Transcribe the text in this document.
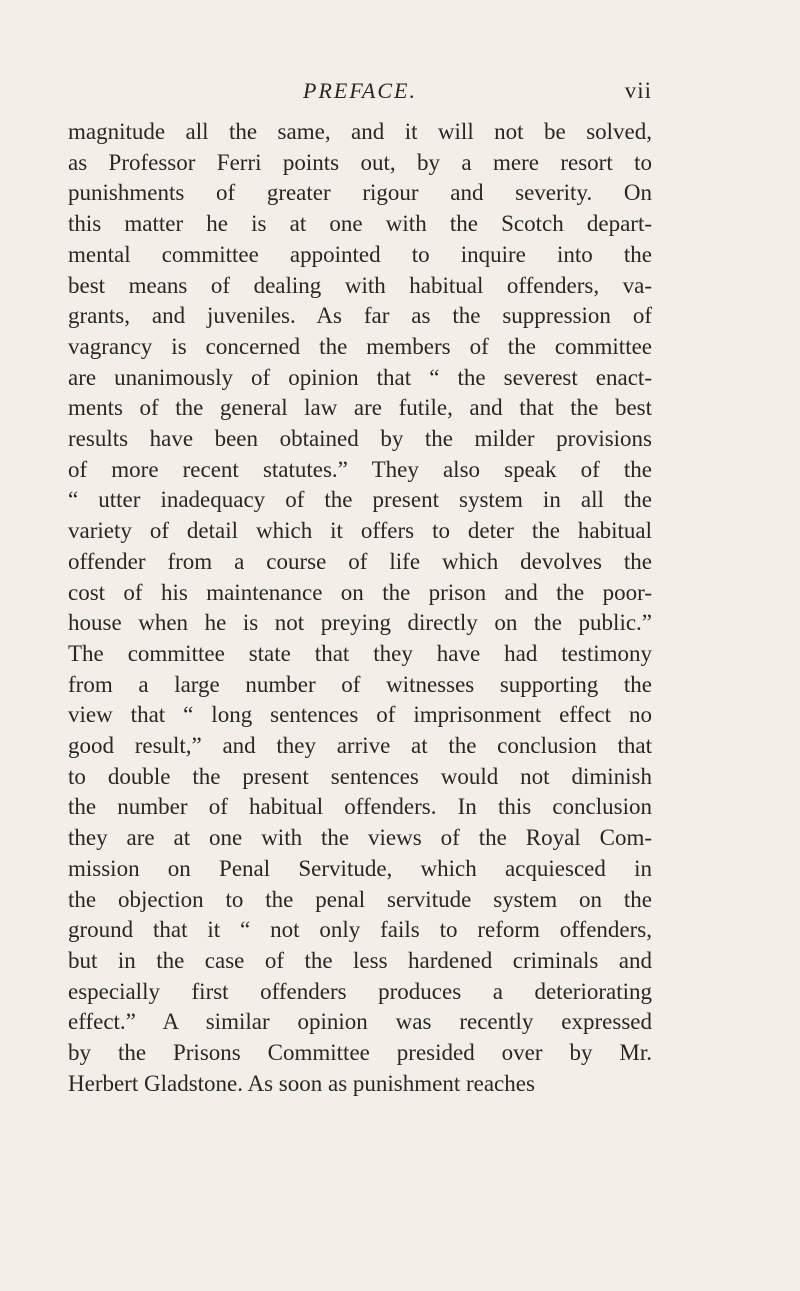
PREFACE.	vii
magnitude all the same, and it will not be solved,
as Professor Ferri points out, by a mere resort to
punishments of greater rigour and severity. On
this matter he is at one with the Scotch depart-
mental committee appointed to inquire into the
best means of dealing with habitual offenders, va-
grants, and juveniles. As far as the suppression of
vagrancy is concerned the members of the committee
are unanimously of opinion that “ the severest enact-
ments of the general law are futile, and that the best
results have been obtained by the milder provisions
of more recent statutes.” They also speak of the
“ utter inadequacy of the present system in all the
variety of detail which it offers to deter the habitual
offender from a course of life which devolves the
cost of his maintenance on the prison and the poor-
house when he is not preying directly on the public.”
The committee state that they have had testimony
from a large number of witnesses supporting the
view that “ long sentences of imprisonment effect no
good result,” and they arrive at the conclusion that
to double the present sentences would not diminish
the number of habitual offenders. In this conclusion
they are at one with the views of the Royal Com-
mission on Penal Servitude, which acquiesced in
the objection to the penal servitude system on the
ground that it “ not only fails to reform offenders,
but in the case of the less hardened criminals and
especially first offenders produces a deteriorating
effect.” A similar opinion was recently expressed
by the Prisons Committee presided over by Mr.
Herbert Gladstone. As soon as punishment reaches
